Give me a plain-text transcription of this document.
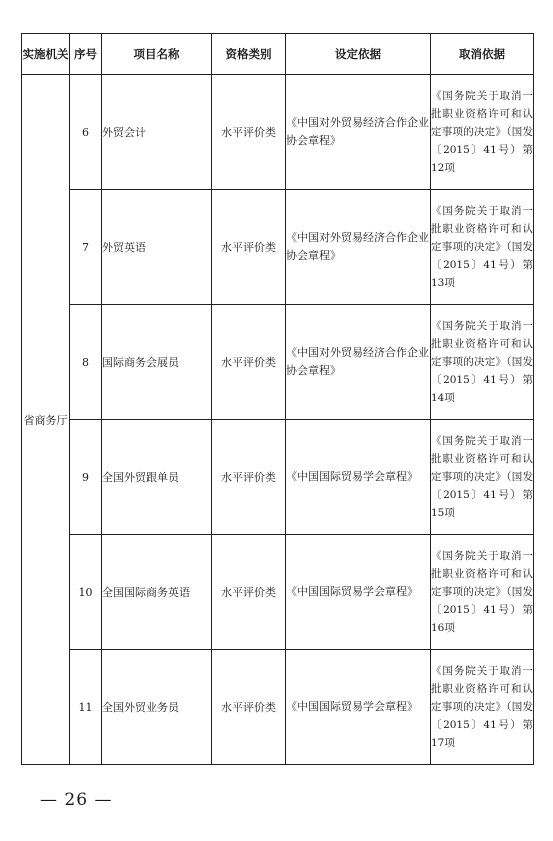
实施机关	序号	项目名称	资格类别	设定依据	取消依据
省商务厅	6	外贸会计	水平评价类	《中国对外贸易经济合作企业协会章程》	《国务院关于取消一批职业资格许可和认定事项的决定》（国发〔2015〕41号）第12项
	7	外贸英语	水平评价类	《中国对外贸易经济合作企业协会章程》	《国务院关于取消一批职业资格许可和认定事项的决定》（国发〔2015〕41号）第13项
	8	国际商务会展员	水平评价类	《中国对外贸易经济合作企业协会章程》	《国务院关于取消一批职业资格许可和认定事项的决定》（国发〔2015〕41号）第14项
	9	全国外贸跟单员	水平评价类	《中国国际贸易学会章程》	《国务院关于取消一批职业资格许可和认定事项的决定》（国发〔2015〕41号）第15项
	10	全国国际商务英语	水平评价类	《中国国际贸易学会章程》	《国务院关于取消一批职业资格许可和认定事项的决定》（国发〔2015〕41号）第16项
	11	全国外贸业务员	水平评价类	《中国国际贸易学会章程》	《国务院关于取消一批职业资格许可和认定事项的决定》（国发〔2015〕41号）第17项
— 26 —
